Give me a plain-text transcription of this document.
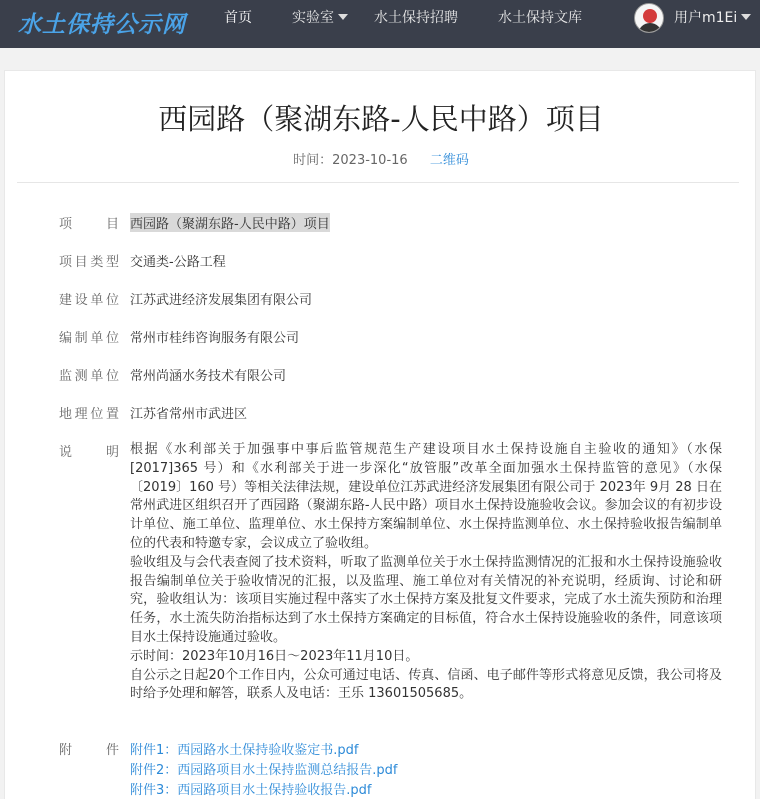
水土保持公示网	首页	实验室	水土保持招聘	水土保持文库	用户m1Ei
西园路（聚湖东路-人民中路）项目
时间：2023-10-16 二维码
项　　目 西园路（聚湖东路-人民中路）项目
项目类型 交通类-公路工程
建设单位 江苏武进经济发展集团有限公司
编制单位 常州市桂纬咨询服务有限公司
监测单位 常州尚涵水务技术有限公司
地理位置 江苏省常州市武进区
说　　明 根据《水利部关于加强事中事后监管规范生产建设项目水土保持设施自主验收的通知》（水保[2017]365 号）和《水利部关于进一步深化“放管服”改革全面加强水土保持监管的意见》（水保〔2019〕160 号）等相关法律法规，建设单位江苏武进经济发展集团有限公司于 2023年 9月 28 日在常州武进区组织召开了西园路（聚湖东路-人民中路）项目水土保持设施验收会议。参加会议的有初步设计单位、施工单位、监理单位、水土保持方案编制单位、水土保持监测单位、水土保持验收报告编制单位的代表和特邀专家，会议成立了验收组。

验收组及与会代表查阅了技术资料，听取了监测单位关于水土保持监测情况的汇报和水土保持设施验收报告编制单位关于验收情况的汇报，以及监理、施工单位对有关情况的补充说明，经质询、讨论和研究，验收组认为：该项目实施过程中落实了水土保持方案及批复文件要求，完成了水土流失预防和治理任务，水土流失防治指标达到了水土保持方案确定的目标值，符合水土保持设施验收的条件，同意该项目水土保持设施通过验收。

示时间：2023年10月16日～2023年11月10日。

自公示之日起20个工作日内，公众可通过电话、传真、信函、电子邮件等形式将意见反馈，我公司将及时给予处理和解答，联系人及电话：王乐 13601505685。

附　　件 附件1：西园路水土保持验收鉴定书.pdf
附件2：西园路项目水土保持监测总结报告.pdf
附件3：西园路项目水土保持验收报告.pdf
